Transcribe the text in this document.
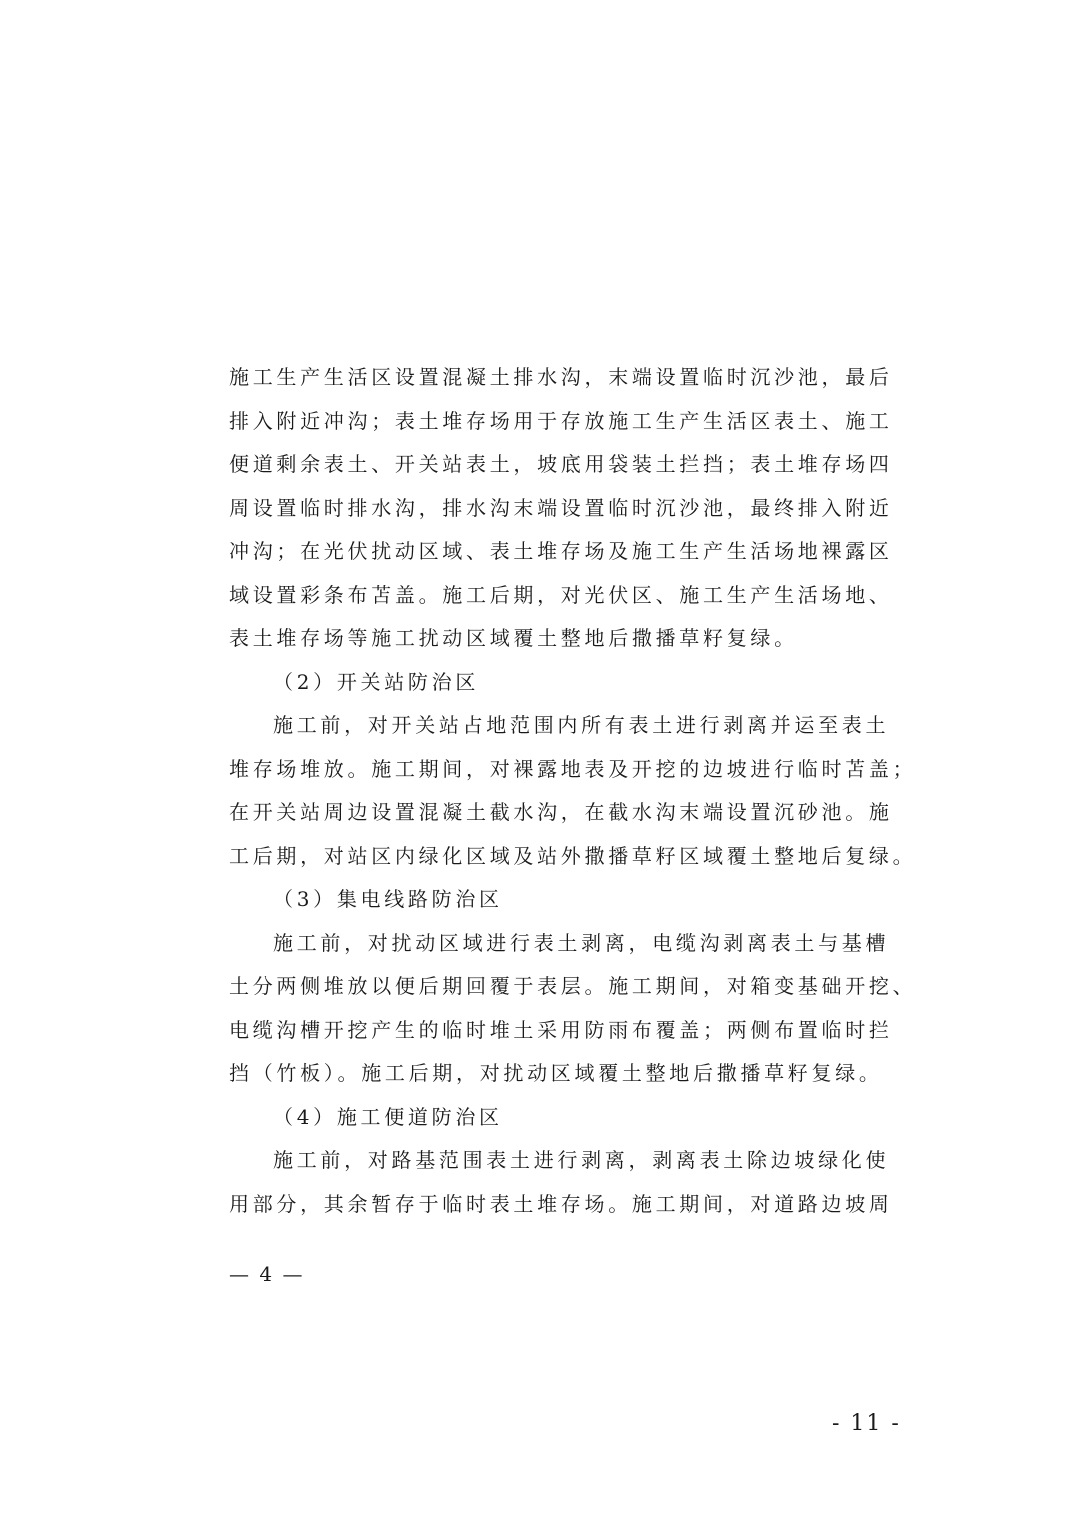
施工生产生活区设置混凝土排水沟，末端设置临时沉沙池，最后
排入附近冲沟；表土堆存场用于存放施工生产生活区表土、施工
便道剩余表土、开关站表土，坡底用袋装土拦挡；表土堆存场四
周设置临时排水沟，排水沟末端设置临时沉沙池，最终排入附近
冲沟；在光伏扰动区域、表土堆存场及施工生产生活场地裸露区
域设置彩条布苫盖。施工后期，对光伏区、施工生产生活场地、
表土堆存场等施工扰动区域覆土整地后撒播草籽复绿。
（2）开关站防治区
施工前，对开关站占地范围内所有表土进行剥离并运至表土
堆存场堆放。施工期间，对裸露地表及开挖的边坡进行临时苫盖；
在开关站周边设置混凝土截水沟，在截水沟末端设置沉砂池。施
工后期，对站区内绿化区域及站外撒播草籽区域覆土整地后复绿。
（3）集电线路防治区
施工前，对扰动区域进行表土剥离，电缆沟剥离表土与基槽
土分两侧堆放以便后期回覆于表层。施工期间，对箱变基础开挖、
电缆沟槽开挖产生的临时堆土采用防雨布覆盖；两侧布置临时拦
挡（竹板）。施工后期，对扰动区域覆土整地后撒播草籽复绿。
（4）施工便道防治区
施工前，对路基范围表土进行剥离，剥离表土除边坡绿化使
用部分，其余暂存于临时表土堆存场。施工期间，对道路边坡周
— 4 —
- 11 -
